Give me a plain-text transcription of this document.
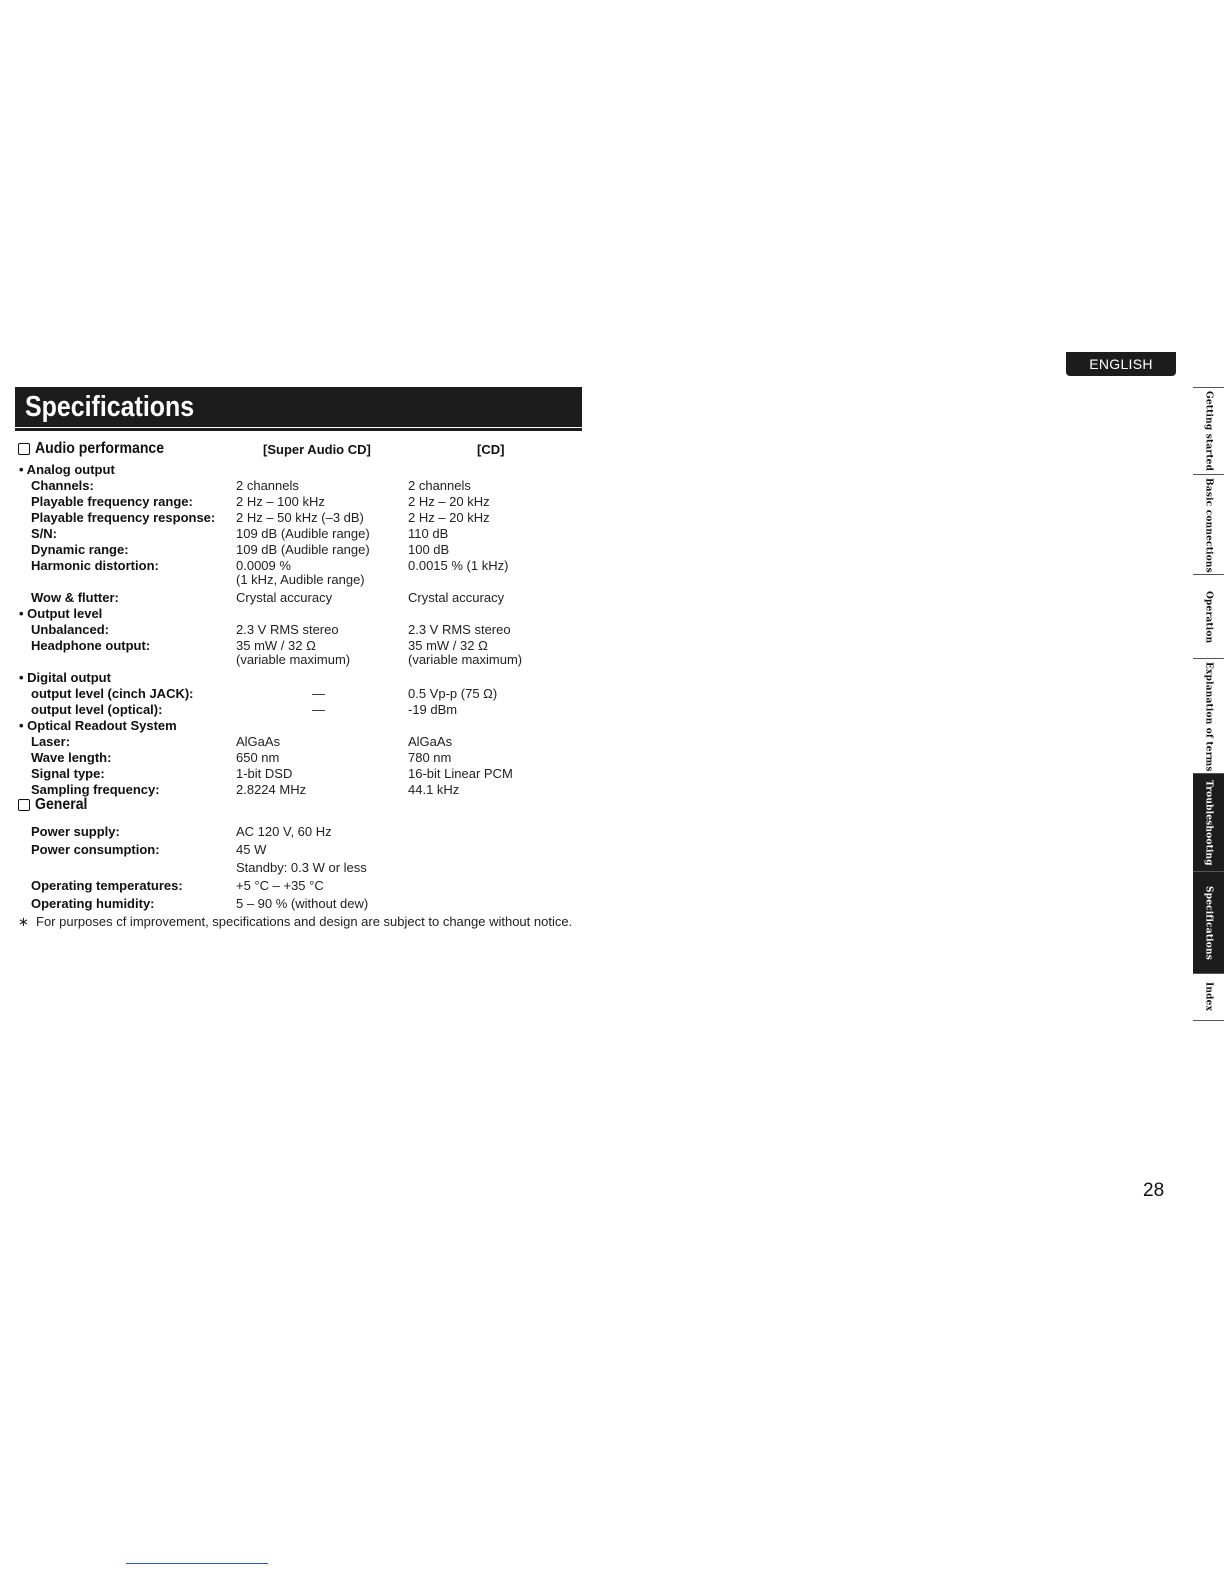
ENGLISH
Specifications
Audio performance	[Super Audio CD]	[CD]
• Analog output
Channels:	2 channels	2 channels
Playable frequency range:	2 Hz – 100 kHz	2 Hz – 20 kHz
Playable frequency response: 2 Hz – 50 kHz (–3 dB)	2 Hz – 20 kHz
S/N:	109 dB (Audible range)	110 dB
Dynamic range:	109 dB (Audible range)	100 dB
Harmonic distortion:	0.0009 %	0.0015 % (1 kHz)
(1 kHz, Audible range)
Wow & flutter:	Crystal accuracy	Crystal accuracy
• Output level
Unbalanced:	2.3 V RMS stereo	2.3 V RMS stereo
Headphone output:	35 mW / 32 Ω	35 mW / 32 Ω
(variable maximum)	(variable maximum)
• Digital output
output level (cinch JACK):	—	0.5 Vp-p (75 Ω)
output level (optical):	—	-19 dBm
• Optical Readout System
Laser:	AlGaAs	AlGaAs
Wave length:	650 nm	780 nm
Signal type:	1-bit DSD	16-bit Linear PCM
Sampling frequency:	2.8224 MHz	44.1 kHz
General
Power supply:	AC 120 V, 60 Hz
Power consumption:	45 W
Standby: 0.3 W or less
Operating temperatures:	+5 °C – +35 °C
Operating humidity:	5 – 90 % (without dew)
∗ For purposes cf improvement, specifications and design are subject to change without notice.
Getting started
Basic connections
Operation
Explanation of terms
Troubleshooting
Specifications
Index
28
